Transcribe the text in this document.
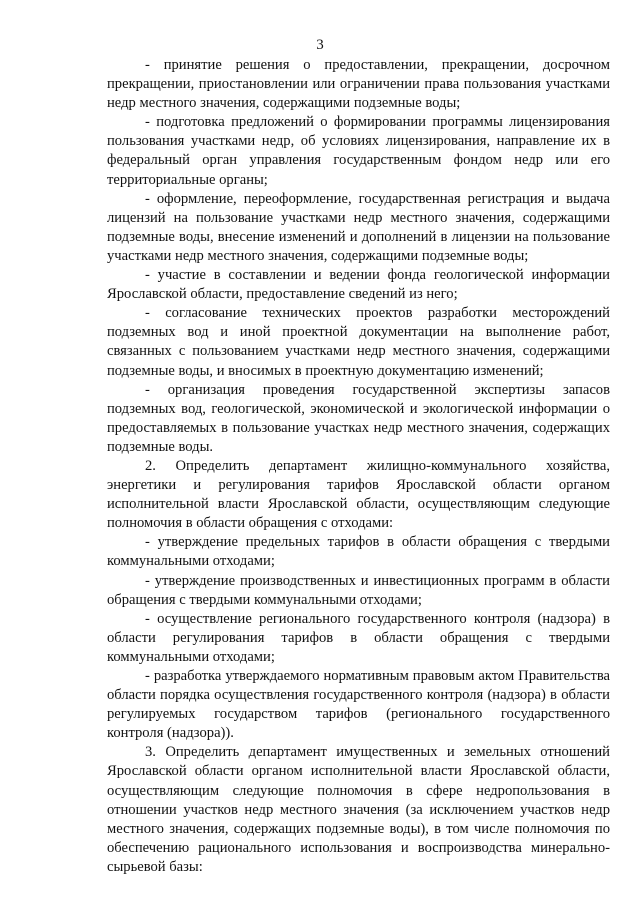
3

- принятие решения о предоставлении, прекращении, досрочном прекращении, приостановлении или ограничении права пользования участками недр местного значения, содержащими подземные воды;

- подготовка предложений о формировании программы лицензирования пользования участками недр, об условиях лицензирования, направление их в федеральный орган управления государственным фондом недр или его территориальные органы;

- оформление, переоформление, государственная регистрация и выдача лицензий на пользование участками недр местного значения, содержащими подземные воды, внесение изменений и дополнений в лицензии на пользование участками недр местного значения, содержащими подземные воды;

- участие в составлении и ведении фонда геологической информации Ярославской области, предоставление сведений из него;

- согласование технических проектов разработки месторождений подземных вод и иной проектной документации на выполнение работ, связанных с пользованием участками недр местного значения, содержащими подземные воды, и вносимых в проектную документацию изменений;

- организация проведения государственной экспертизы запасов подземных вод, геологической, экономической и экологической информации о предоставляемых в пользование участках недр местного значения, содержащих подземные воды.

2. Определить департамент жилищно-коммунального хозяйства, энергетики и регулирования тарифов Ярославской области органом исполнительной власти Ярославской области, осуществляющим следующие полномочия в области обращения с отходами:

- утверждение предельных тарифов в области обращения с твердыми коммунальными отходами;

- утверждение производственных и инвестиционных программ в области обращения с твердыми коммунальными отходами;

- осуществление регионального государственного контроля (надзора) в области регулирования тарифов в области обращения с твердыми коммунальными отходами;

- разработка утверждаемого нормативным правовым актом Правительства области порядка осуществления государственного контроля (надзора) в области регулируемых государством тарифов (регионального государственного контроля (надзора)).

3. Определить департамент имущественных и земельных отношений Ярославской области органом исполнительной власти Ярославской области, осуществляющим следующие полномочия в сфере недропользования в отношении участков недр местного значения (за исключением участков недр местного значения, содержащих подземные воды), в том числе полномочия по обеспечению рационального использования и воспроизводства минерально-сырьевой базы:
